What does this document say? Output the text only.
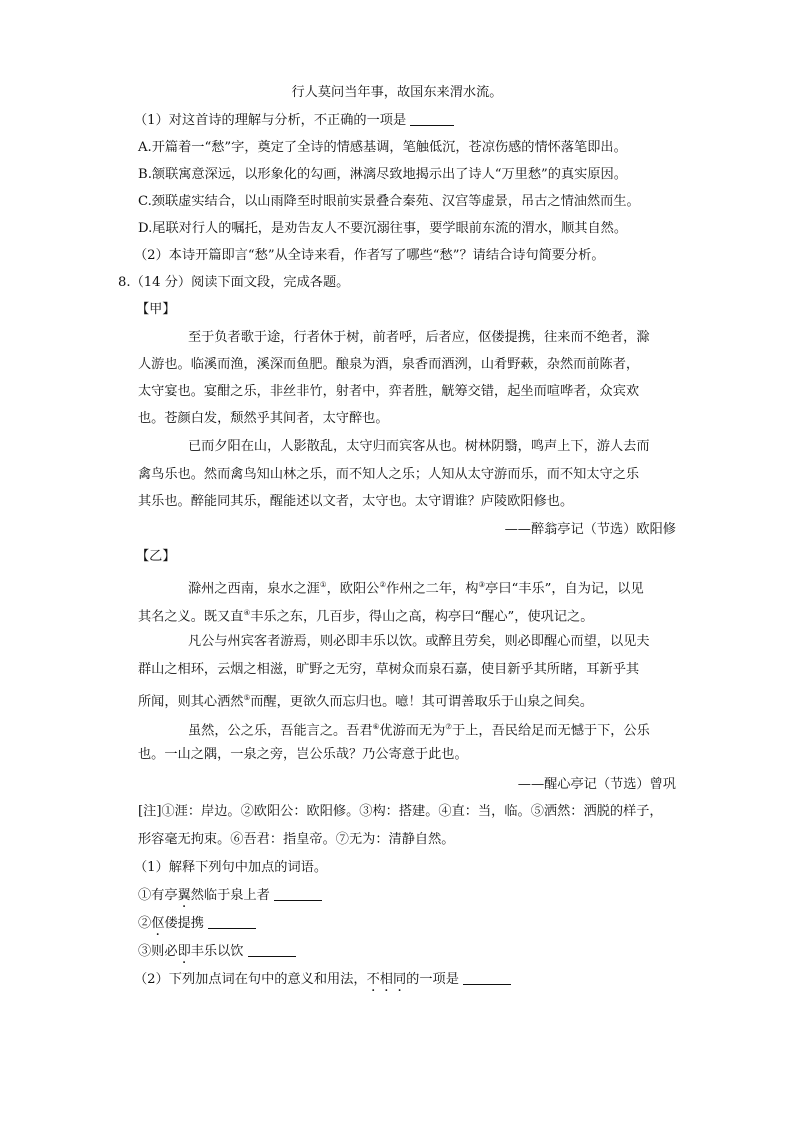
行人莫问当年事，故国东来渭水流。
（1）对这首诗的理解与分析，不正确的一项是
A.开篇着一“愁”字，奠定了全诗的情感基调，笔触低沉，苍凉伤感的情怀落笔即出。
B.颔联寓意深远，以形象化的勾画，淋漓尽致地揭示出了诗人“万里愁”的真实原因。
C.颈联虚实结合，以山雨降至时眼前实景叠合秦苑、汉宫等虚景，吊古之情油然而生。
D.尾联对行人的嘱托，是劝告友人不要沉溺往事，要学眼前东流的渭水，顺其自然。
（2）本诗开篇即言“愁”从全诗来看，作者写了哪些“愁”？请结合诗句简要分析。
8.（14 分）阅读下面文段，完成各题。
【甲】
至于负者歌于途，行者休于树，前者呼，后者应，伛偻提携，往来而不绝者，滁
人游也。临溪而渔，溪深而鱼肥。酿泉为酒，泉香而酒洌，山肴野蔌，杂然而前陈者，
太守宴也。宴酣之乐，非丝非竹，射者中，弈者胜，觥筹交错，起坐而喧哗者，众宾欢
也。苍颜白发，颓然乎其间者，太守醉也。
已而夕阳在山，人影散乱，太守归而宾客从也。树林阴翳，鸣声上下，游人去而
禽鸟乐也。然而禽鸟知山林之乐，而不知人之乐；人知从太守游而乐，而不知太守之乐
其乐也。醉能同其乐，醒能述以文者，太守也。太守谓谁？庐陵欧阳修也。
——醉翁亭记（节选）欧阳修
【乙】
滁州之西南，泉水之涯①，欧阳公②作州之二年，构③亭曰“丰乐”，自为记，以见
其名之义。既又直④丰乐之东，几百步，得山之高，构亭曰“醒心”，使巩记之。
凡公与州宾客者游焉，则必即丰乐以饮。或醉且劳矣，则必即醒心而望，以见夫
群山之相环，云烟之相滋，旷野之无穷，草树众而泉石嘉，使目新乎其所睹，耳新乎其
所闻，则其心洒然⑤而醒，更欲久而忘归也。噫！其可谓善取乐于山泉之间矣。
虽然，公之乐，吾能言之。吾君⑥优游而无为⑦于上，吾民给足而无憾于下，公乐
也。一山之隅，一泉之旁，岂公乐哉？乃公寄意于此也。
——醒心亭记（节选）曾巩
[注]①涯：岸边。②欧阳公：欧阳修。③构：搭建。④直：当，临。⑤洒然：洒脱的样子，
形容毫无拘束。⑥吾君：指皇帝。⑦无为：清静自然。
（1）解释下列句中加点的词语。
①有亭翼然临于泉上者
②伛偻提携
③则必即丰乐以饮
（2）下列加点词在句中的意义和用法，不相同的一项是
